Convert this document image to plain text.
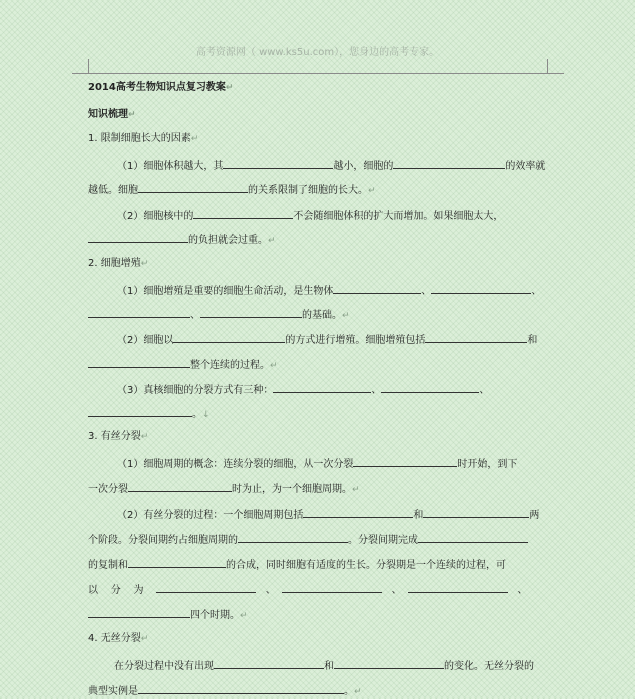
高考资源网（ www.ks5u.com），您身边的高考专家。
2014高考生物知识点复习教案↵
知识梳理↵
1. 限制细胞长大的因素↵
（1）细胞体积越大，其	越小，细胞的	的效率就
越低。细胞	的关系限制了细胞的长大。↵
（2）细胞核中的	不会随细胞体积的扩大而增加。如果细胞太大，
的负担就会过重。↵
2. 细胞增殖↵
（1）细胞增殖是重要的细胞生命活动，是生物体	、	、
、	的基础。↵
（2）细胞以	的方式进行增殖。细胞增殖包括	和
整个连续的过程。↵
（3）真核细胞的分裂方式有三种：	、	、
。↓
3. 有丝分裂↵
（1）细胞周期的概念：连续分裂的细胞，从一次分裂	时开始，到下
一次分裂	时为止，为一个细胞周期。↵
（2）有丝分裂的过程：一个细胞周期包括	和	两
个阶段。分裂间期约占细胞周期的	。分裂间期完成
的复制和	的合成，同时细胞有适度的生长。分裂期是一个连续的过程，可
以 分 为	、	、	、
四个时期。↵
4. 无丝分裂↵
在分裂过程中没有出现	和	的变化。无丝分裂的
典型实例是	。↵
